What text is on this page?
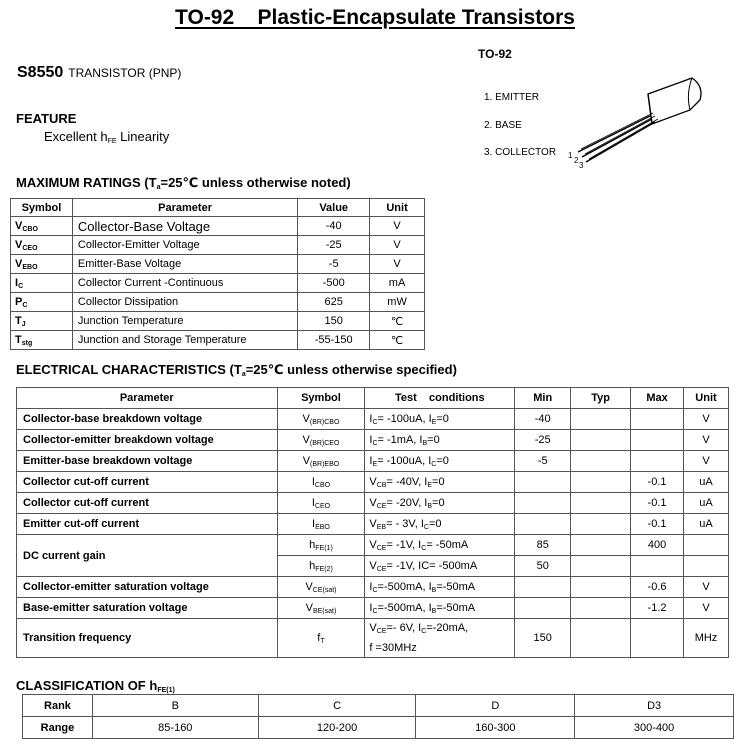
TO-92    Plastic-Encapsulate Transistors
TO-92
S8550 TRANSISTOR (PNP)
1. EMITTER
2. BASE
3. COLLECTOR 1
2
3
FEATURE
Excellent $h_{FE}$ Linearity
MAXIMUM RATINGS ($T_a=25℃$ unless otherwise noted)
Symbol	Parameter	Value	Unit
$V_{CBO}$	Collector-Base Voltage	-40	V
$V_{CEO}$	Collector-Emitter Voltage	-25	V
$V_{EBO}$	Emitter-Base Voltage	-5	V
$I_C$	Collector Current -Continuous	-500	mA
$P_C$	Collector Dissipation	625	mW
$T_J$	Junction Temperature	150	℃
$T_{stg}$	Junction and Storage Temperature	-55-150	℃
ELECTRICAL CHARACTERISTICS ($T_a=25℃$ unless otherwise specified)
Parameter	Symbol	Test    conditions	Min	Typ	Max	Unit
Collector-base breakdown voltage	$V_{(BR)CBO}$	$I_C= -100uA$, $I_E=0$	-40			V
Collector-emitter breakdown voltage	$V_{(BR)CEO}$	$I_C= -1mA$, $I_B=0$	-25			V
Emitter-base breakdown voltage	$V_{(BR)EBO}$	$I_E= -100uA$, $I_C=0$	-5			V
Collector cut-off current	$I_{CBO}$	$V_{CB}= -40V$, $I_E=0$			-0.1	uA
Collector cut-off current	$I_{CEO}$	$V_{CE}= -20V$, $I_B=0$			-0.1	uA
Emitter cut-off current	$I_{EBO}$	$V_{EB}= - 3V$, $I_C=0$			-0.1	uA
DC current gain	$h_{FE(1)}$	$V_{CE}= -1V$, $I_C= -50mA$	85		400	
	$h_{FE(2)}$	$V_{CE}= -1V$, IC= -500mA	50			
Collector-emitter saturation voltage	$V_{CE(sat)}$	$I_C=-500mA$, $I_B=-50mA$			-0.6	V
Base-emitter saturation voltage	$V_{BE(sat)}$	$I_C=-500mA$, $I_B=-50mA$			-1.2	V
Transition frequency	$f_T$	$V_{CE}=-$ 6V, $I_C=-20mA$,
f =30MHz	150			MHz
CLASSIFICATION OF $h_{FE(1)}$
Rank	B	C	D	D3
Range	85-160	120-200	160-300	300-400
